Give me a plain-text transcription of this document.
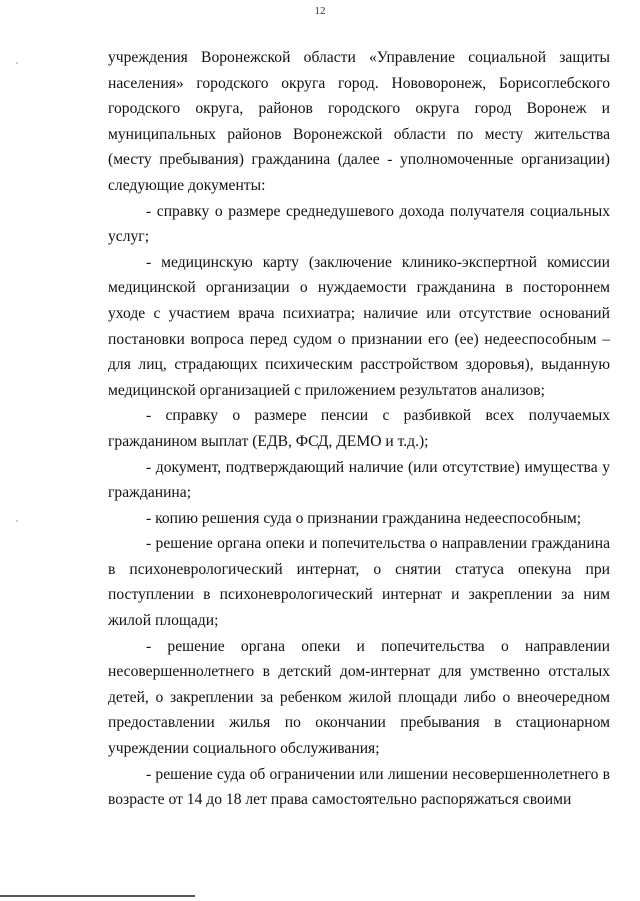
12

учреждения Воронежской области «Управление социальной защиты населения» городского округа город. Нововоронеж, Борисоглебского городского округа, районов городского округа город Воронеж и муниципальных районов Воронежской области по месту жительства (месту пребывания) гражданина (далее - уполномоченные организации) следующие документы:

- справку о размере среднедушевого дохода получателя социальных услуг;

- медицинскую карту (заключение клинико-экспертной комиссии медицинской организации о нуждаемости гражданина в постороннем уходе с участием врача психиатра; наличие или отсутствие оснований постановки вопроса перед судом о признании его (ее) недееспособным – для лиц, страдающих психическим расстройством здоровья), выданную медицинской организацией с приложением результатов анализов;

- справку о размере пенсии с разбивкой всех получаемых гражданином выплат (ЕДВ, ФСД, ДЕМО и т.д.);

- документ, подтверждающий наличие (или отсутствие) имущества у гражданина;

- копию решения суда о признании гражданина недееспособным;

- решение органа опеки и попечительства о направлении гражданина в психоневрологический интернат, о снятии статуса опекуна при поступлении в психоневрологический интернат и закреплении за ним жилой площади;

- решение органа опеки и попечительства о направлении несовершеннолетнего в детский дом-интернат для умственно отсталых детей, о закреплении за ребенком жилой площади либо о внеочередном предоставлении жилья по окончании пребывания в стационарном учреждении социального обслуживания;

- решение суда об ограничении или лишении несовершеннолетнего в возрасте от 14 до 18 лет права самостоятельно распоряжаться своими
